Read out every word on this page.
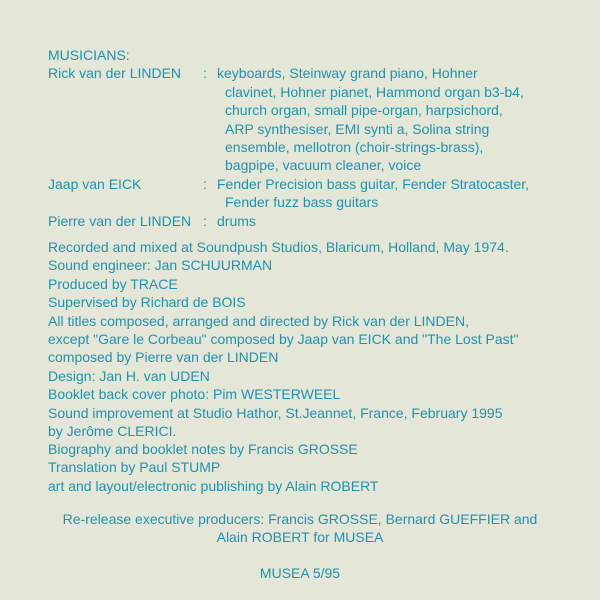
MUSICIANS:
Rick van der LINDEN	: keyboards, Steinway grand piano, Hohner
clavinet, Hohner pianet, Hammond organ b3-b4,
church organ, small pipe-organ, harpsichord,
ARP synthesiser, EMI synti a, Solina string
ensemble, mellotron (choir-strings-brass),
bagpipe, vacuum cleaner, voice
Jaap van EICK	: Fender Precision bass guitar, Fender Stratocaster,
Fender fuzz bass guitars
Pierre van der LINDEN : drums
Recorded and mixed at Soundpush Studios, Blaricum, Holland, May 1974.
Sound engineer: Jan SCHUURMAN
Produced by TRACE
Supervised by Richard de BOIS
All titles composed, arranged and directed by Rick van der LINDEN,
except "Gare le Corbeau" composed by Jaap van EICK and "The Lost Past"
composed by Pierre van der LINDEN
Design: Jan H. van UDEN
Booklet back cover photo: Pim WESTERWEEL
Sound improvement at Studio Hathor, St.Jeannet, France, February 1995
by Jerôme CLERICI.
Biography and booklet notes by Francis GROSSE
Translation by Paul STUMP
art and layout/electronic publishing by Alain ROBERT
Re-release executive producers: Francis GROSSE, Bernard GUEFFIER and
Alain ROBERT for MUSEA
MUSEA 5/95
